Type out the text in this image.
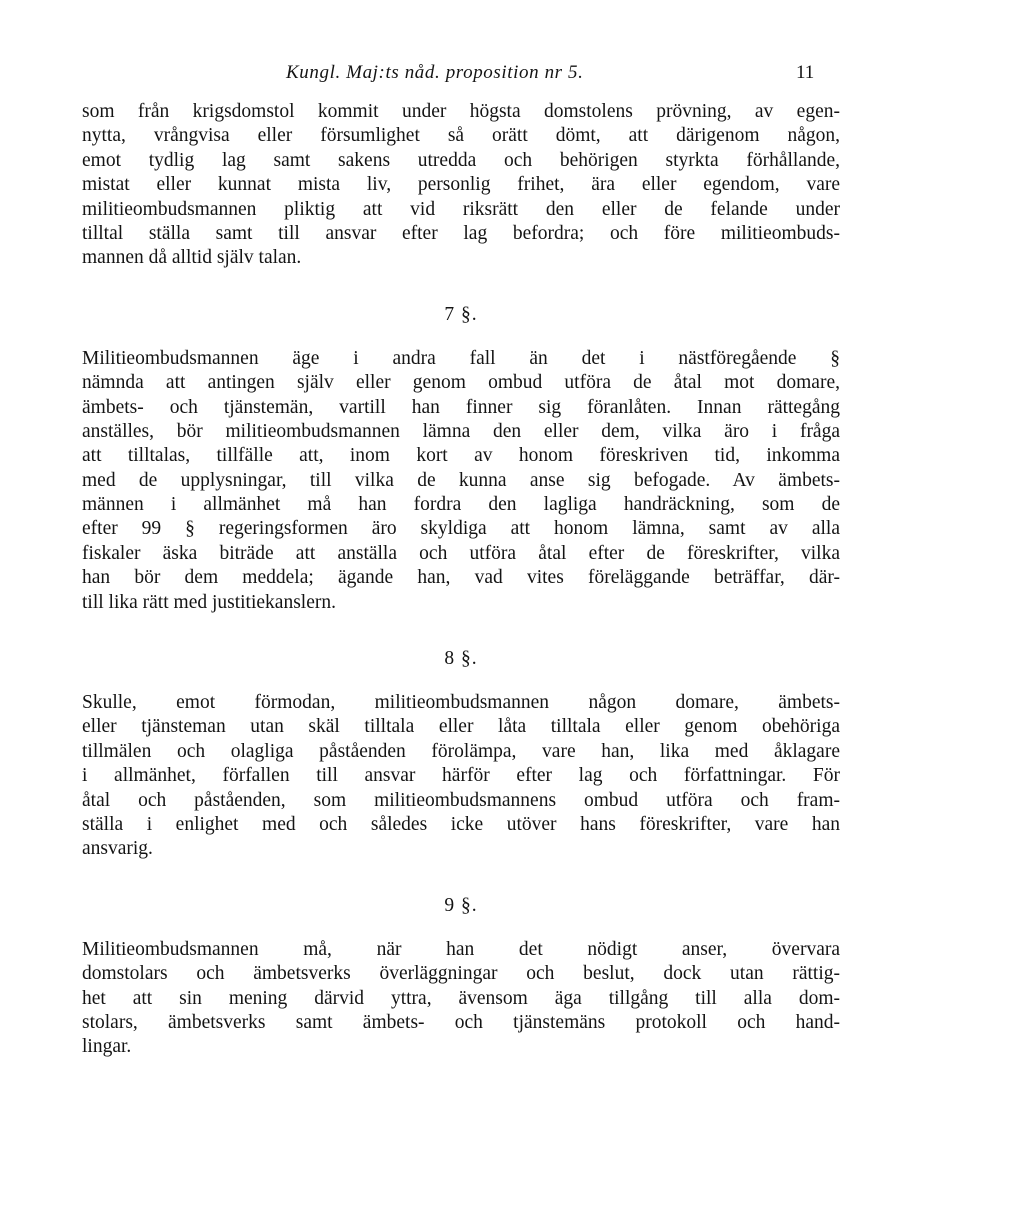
Kungl. Maj:ts nåd. proposition nr 5.	11
som från krigsdomstol kommit under högsta domstolens prövning, av egen-
nytta, vrångvisa eller försumlighet så orätt dömt, att därigenom någon,
emot tydlig lag samt sakens utredda och behörigen styrkta förhållande,
mistat eller kunnat mista liv, personlig frihet, ära eller egendom, vare
militieombudsmannen pliktig att vid riksrätt den eller de felande under
tilltal ställa samt till ansvar efter lag befordra; och före militieombuds-
mannen då alltid själv talan.
7 §.
Militieombudsmannen äge i andra fall än det i nästföregående §
nämnda att antingen själv eller genom ombud utföra de åtal mot domare,
ämbets- och tjänstemän, vartill han finner sig föranlåten. Innan rättegång
anställes, bör militieombudsmannen lämna den eller dem, vilka äro i fråga
att tilltalas, tillfälle att, inom kort av honom föreskriven tid, inkomma
med de upplysningar, till vilka de kunna anse sig befogade. Av ämbets-
männen i allmänhet må han fordra den lagliga handräckning, som de
efter 99 § regeringsformen äro skyldiga att honom lämna, samt av alla
fiskaler äska biträde att anställa och utföra åtal efter de föreskrifter, vilka
han bör dem meddela; ägande han, vad vites föreläggande beträffar, där-
till lika rätt med justitiekanslern.
8 §.
Skulle, emot förmodan, militieombudsmannen någon domare, ämbets-
eller tjänsteman utan skäl tilltala eller låta tilltala eller genom obehöriga
tillmälen och olagliga påståenden förolämpa, vare han, lika med åklagare
i allmänhet, förfallen till ansvar härför efter lag och författningar. För
åtal och påståenden, som militieombudsmannens ombud utföra och fram-
ställa i enlighet med och således icke utöver hans föreskrifter, vare han
ansvarig.
9 §.
Militieombudsmannen må, när han det nödigt anser, övervara
domstolars och ämbetsverks överläggningar och beslut, dock utan rättig-
het att sin mening därvid yttra, ävensom äga tillgång till alla dom-
stolars, ämbetsverks samt ämbets- och tjänstemäns protokoll och hand-
lingar.
